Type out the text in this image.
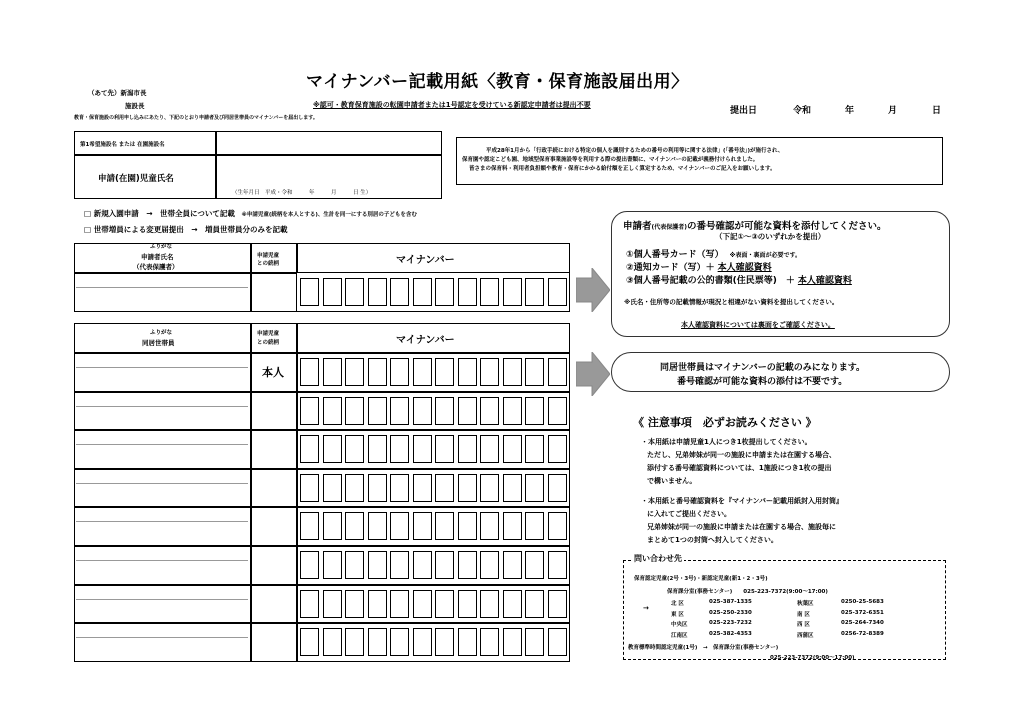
マイナンバー記載用紙〈教育・保育施設届出用〉
（あて先）新潟市長
施設長	※認可・教育保育施設の転園申請者または1号認定を受けている新認定申請者は提出不要
教育・保育施設の利用申し込みにあたり、下記のとおり申請者及び同居世帯員のマイナンバーを届出します。
提出日	令和	年	月	日
第1希望施設名 または 在園施設名
申請(在園)児童氏名
（生年月日　平成・令和　　　年　　　月　　　日 生）
平成28年1月から「行政手続における特定の個人を識別するための番号の利用等に関する法律」(「番号法」)が施行され、
保育園や認定こども園、地域型保育事業施設等を利用する際の提出書類に、マイナンバーの記載が義務付けられました。
皆さまの保育料・利用者負担額や教育・保育にかかる給付額を正しく算定するため、マイナンバーのご記入をお願いします。
□ 新規入園申請　→　世帯全員について記載 ※申請児童(続柄を本人とする)、生計を同一にする別居の子どもを含む
□ 世帯増員による変更届提出　→　増員世帯員分のみを記載
ふりがな
申請者氏名
（代表保護者）
申請児童
との続柄	マイナンバー
ふりがな
同居世帯員
申請児童
との続柄	マイナンバー
本人
申請者(代表保護者)の番号確認が可能な資料を添付してください。
（下記①～③のいずれかを提出）
①個人番号カード（写） ※表面・裏面が必要です。
②通知カード（写）＋ 本人確認資料
③個人番号記載の公的書類(住民票等)　＋ 本人確認資料
※氏名・住所等の記載情報が現況と相違がない資料を提出してください。
本人確認資料については裏面をご確認ください。
同居世帯員はマイナンバーの記載のみになります。
番号確認が可能な資料の添付は不要です。
《 注意事項　必ずお読みください 》
・本用紙は申請児童1人につき1枚提出してください。
ただし、兄弟姉妹が同一の施設に申請または在園する場合、
添付する番号確認資料については、1施設につき1枚の提出
で構いません。
・本用紙と番号確認資料を『マイナンバー記載用紙封入用封筒』
に入れてご提出ください。
兄弟姉妹が同一の施設に申請または在園する場合、施設毎に
まとめて1つの封筒へ封入してください。
問い合わせ先
保育認定児童(2号・3号)・新認定児童(新1・2・3号)
保育課分室(事務センター)　　025-223-7372(9:00～17:00)
→	北 区	025-387-1335	秋葉区	0250-25-5683
東 区	025-250-2330	南 区	025-372-6351
中央区	025-223-7232	西 区	025-264-7340
江南区	025-382-4353	西蒲区	0256-72-8389
教育標準時間認定児童(1号)　→　保育課分室(事務センター)
025-223-7372(9:00～17:00)
